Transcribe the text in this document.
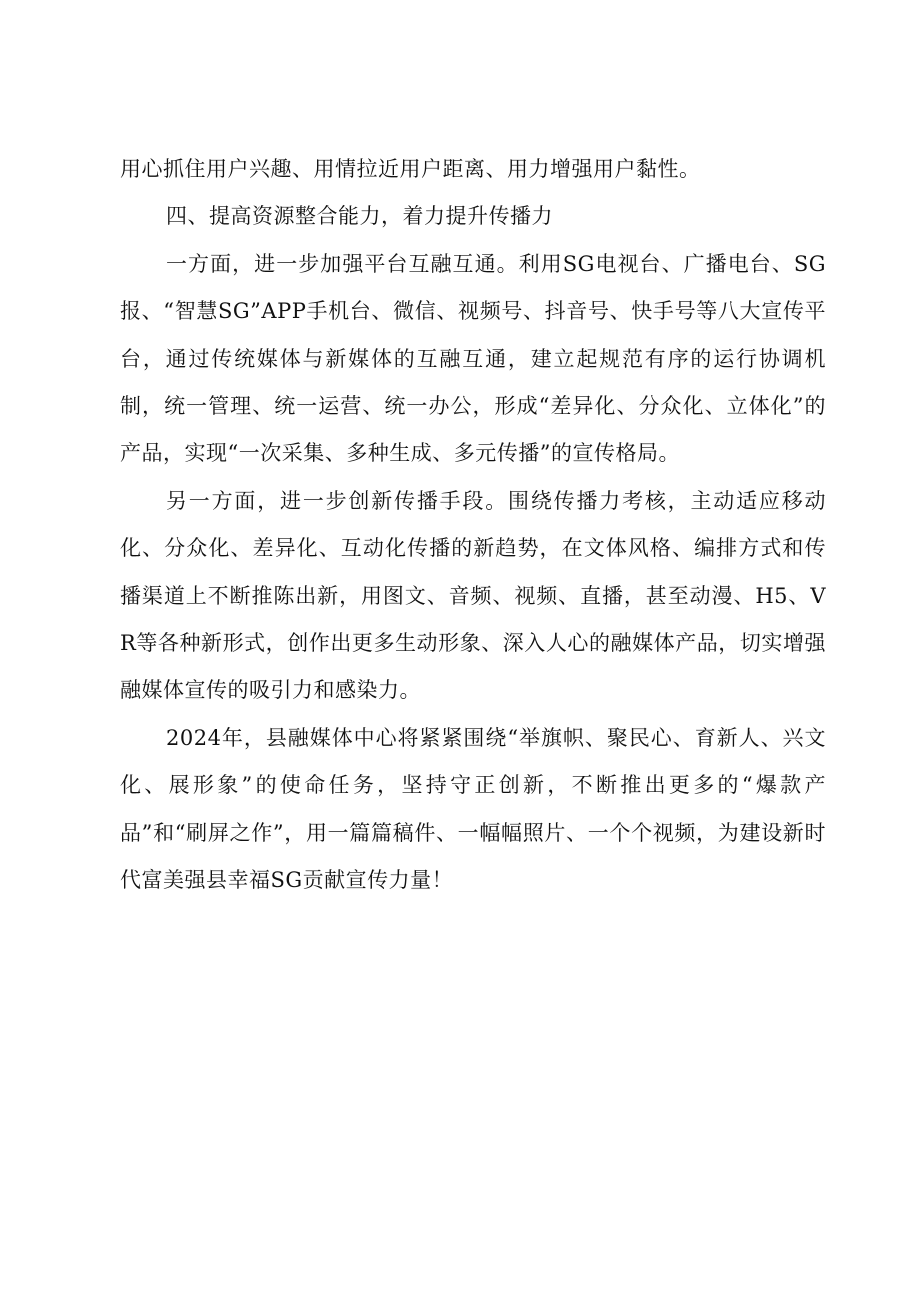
用心抓住用户兴趣、用情拉近用户距离、用力增强用户黏性。

四、提高资源整合能力，着力提升传播力

一方面，进一步加强平台互融互通。利用SG电视台、广播电台、SG报、“智慧SG”APP手机台、微信、视频号、抖音号、快手号等八大宣传平台，通过传统媒体与新媒体的互融互通，建立起规范有序的运行协调机制，统一管理、统一运营、统一办公，形成“差异化、分众化、立体化”的产品，实现“一次采集、多种生成、多元传播”的宣传格局。

另一方面，进一步创新传播手段。围绕传播力考核，主动适应移动化、分众化、差异化、互动化传播的新趋势，在文体风格、编排方式和传播渠道上不断推陈出新，用图文、音频、视频、直播，甚至动漫、H5、VR等各种新形式，创作出更多生动形象、深入人心的融媒体产品，切实增强融媒体宣传的吸引力和感染力。

2024年，县融媒体中心将紧紧围绕“举旗帜、聚民心、育新人、兴文化、展形象”的使命任务，坚持守正创新，不断推出更多的“爆款产品”和“刷屏之作”，用一篇篇稿件、一幅幅照片、一个个视频，为建设新时代富美强县幸福SG贡献宣传力量！
